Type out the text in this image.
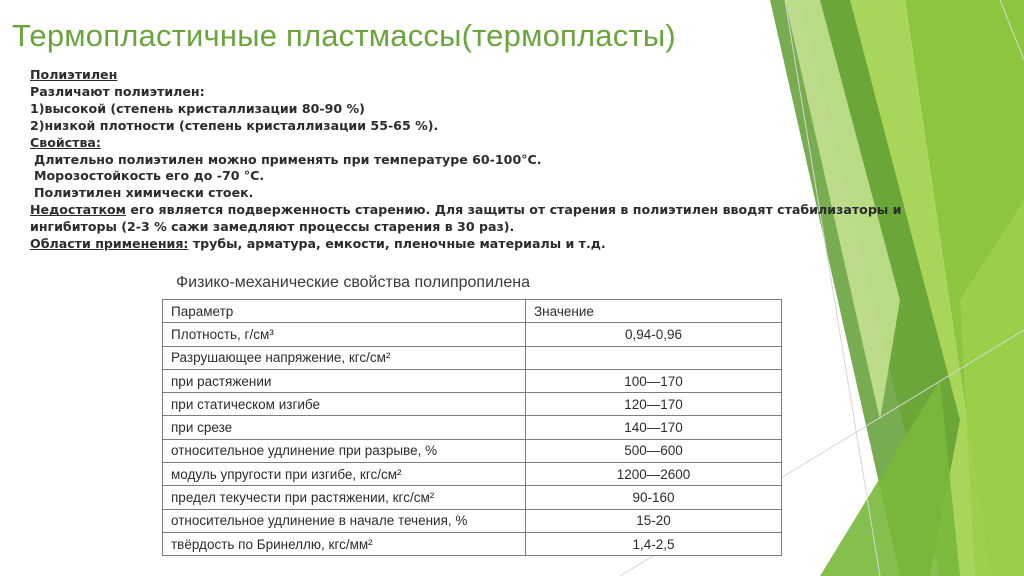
Термопластичные пластмассы(термопласты)
Полиэтилен
Различают полиэтилен:
1)высокой (степень кристаллизации 80-90 %)
2)низкой плотности (степень кристаллизации 55-65 %).
Свойства:
Длительно полиэтилен можно применять при температуре 60-100°С.
Морозостойкость его до -70 °С.
Полиэтилен химически стоек.
Недостатком его является подверженность старению. Для защиты от старения в полиэтилен вводят стабилизаторы и
ингибиторы (2-3 % сажи замедляют процессы старения в 30 раз).
Области применения: трубы, арматура, емкости, пленочные материалы и т.д.
Физико-механические свойства полипропилена
Параметр	Значение
Плотность, г/см³	0,94-0,96
Разрушающее напряжение, кгс/см²	
при растяжении	100—170
при статическом изгибе	120—170
при срезе	140—170
относительное удлинение при разрыве, %	500—600
модуль упругости при изгибе, кгс/см²	1200—2600
предел текучести при растяжении, кгс/см²	90-160
относительное удлинение в начале течения, %	15-20
твёрдость по Бринеллю, кгс/мм²	1,4-2,5
